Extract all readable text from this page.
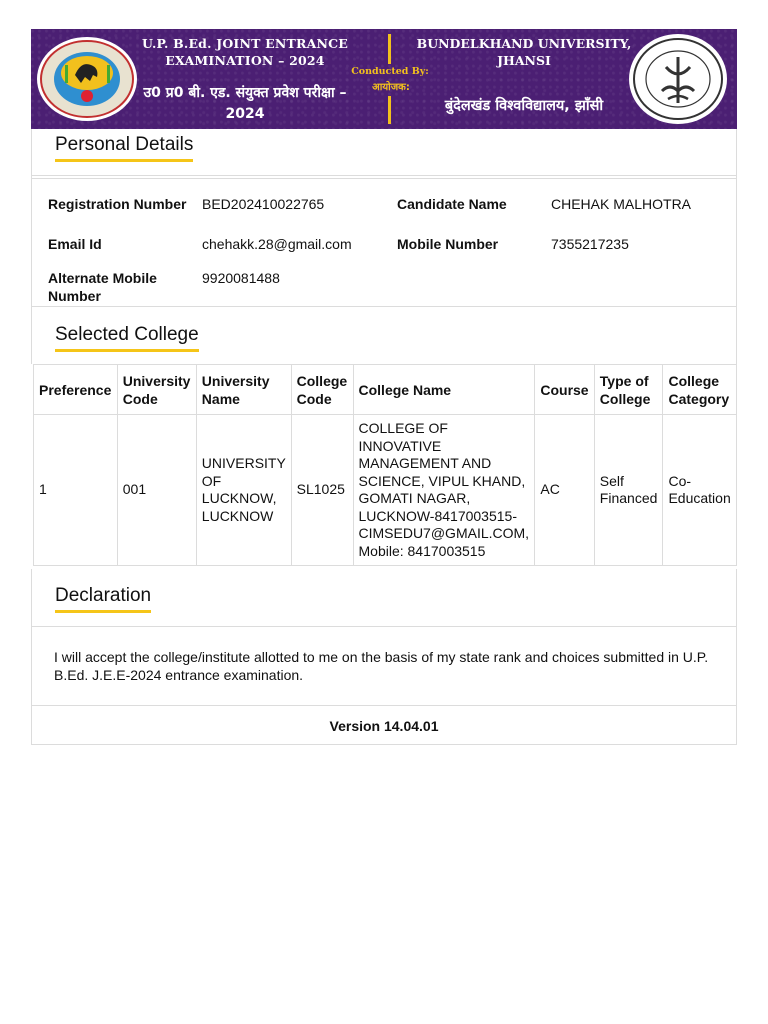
U.P. B.Ed. JOINT ENTRANCE EXAMINATION – 2024
उ0 प्र0 बी. एड. संयुक्त प्रवेश परीक्षा – 2024
Conducted By:
आयोजक:
BUNDELKHAND UNIVERSITY, JHANSI
बुंदेलखंड विश्वविद्यालय, झाँसी
Personal Details
Registration Number BED202410022765	Candidate Name	CHEHAK MALHOTRA
Email Id	chehakk.28@gmail.com	Mobile Number	7355217235
Alternate Mobile Number
9920081488
Selected College
Preference	University Code	University Name	College Code	College Name	Course	Type of College	College Category
1	001	UNIVERSITY OF LUCKNOW, LUCKNOW	SL1025	COLLEGE OF INNOVATIVE MANAGEMENT AND SCIENCE, VIPUL KHAND, GOMATI NAGAR, LUCKNOW-8417003515-CIMSEDU7@GMAIL.COM, Mobile: 8417003515	AC	Self Financed	Co-Education
Declaration

I will accept the college/institute allotted to me on the basis of my state rank and choices submitted in U.P. B.Ed. J.E.E-2024 entrance examination.

Version 14.04.01
